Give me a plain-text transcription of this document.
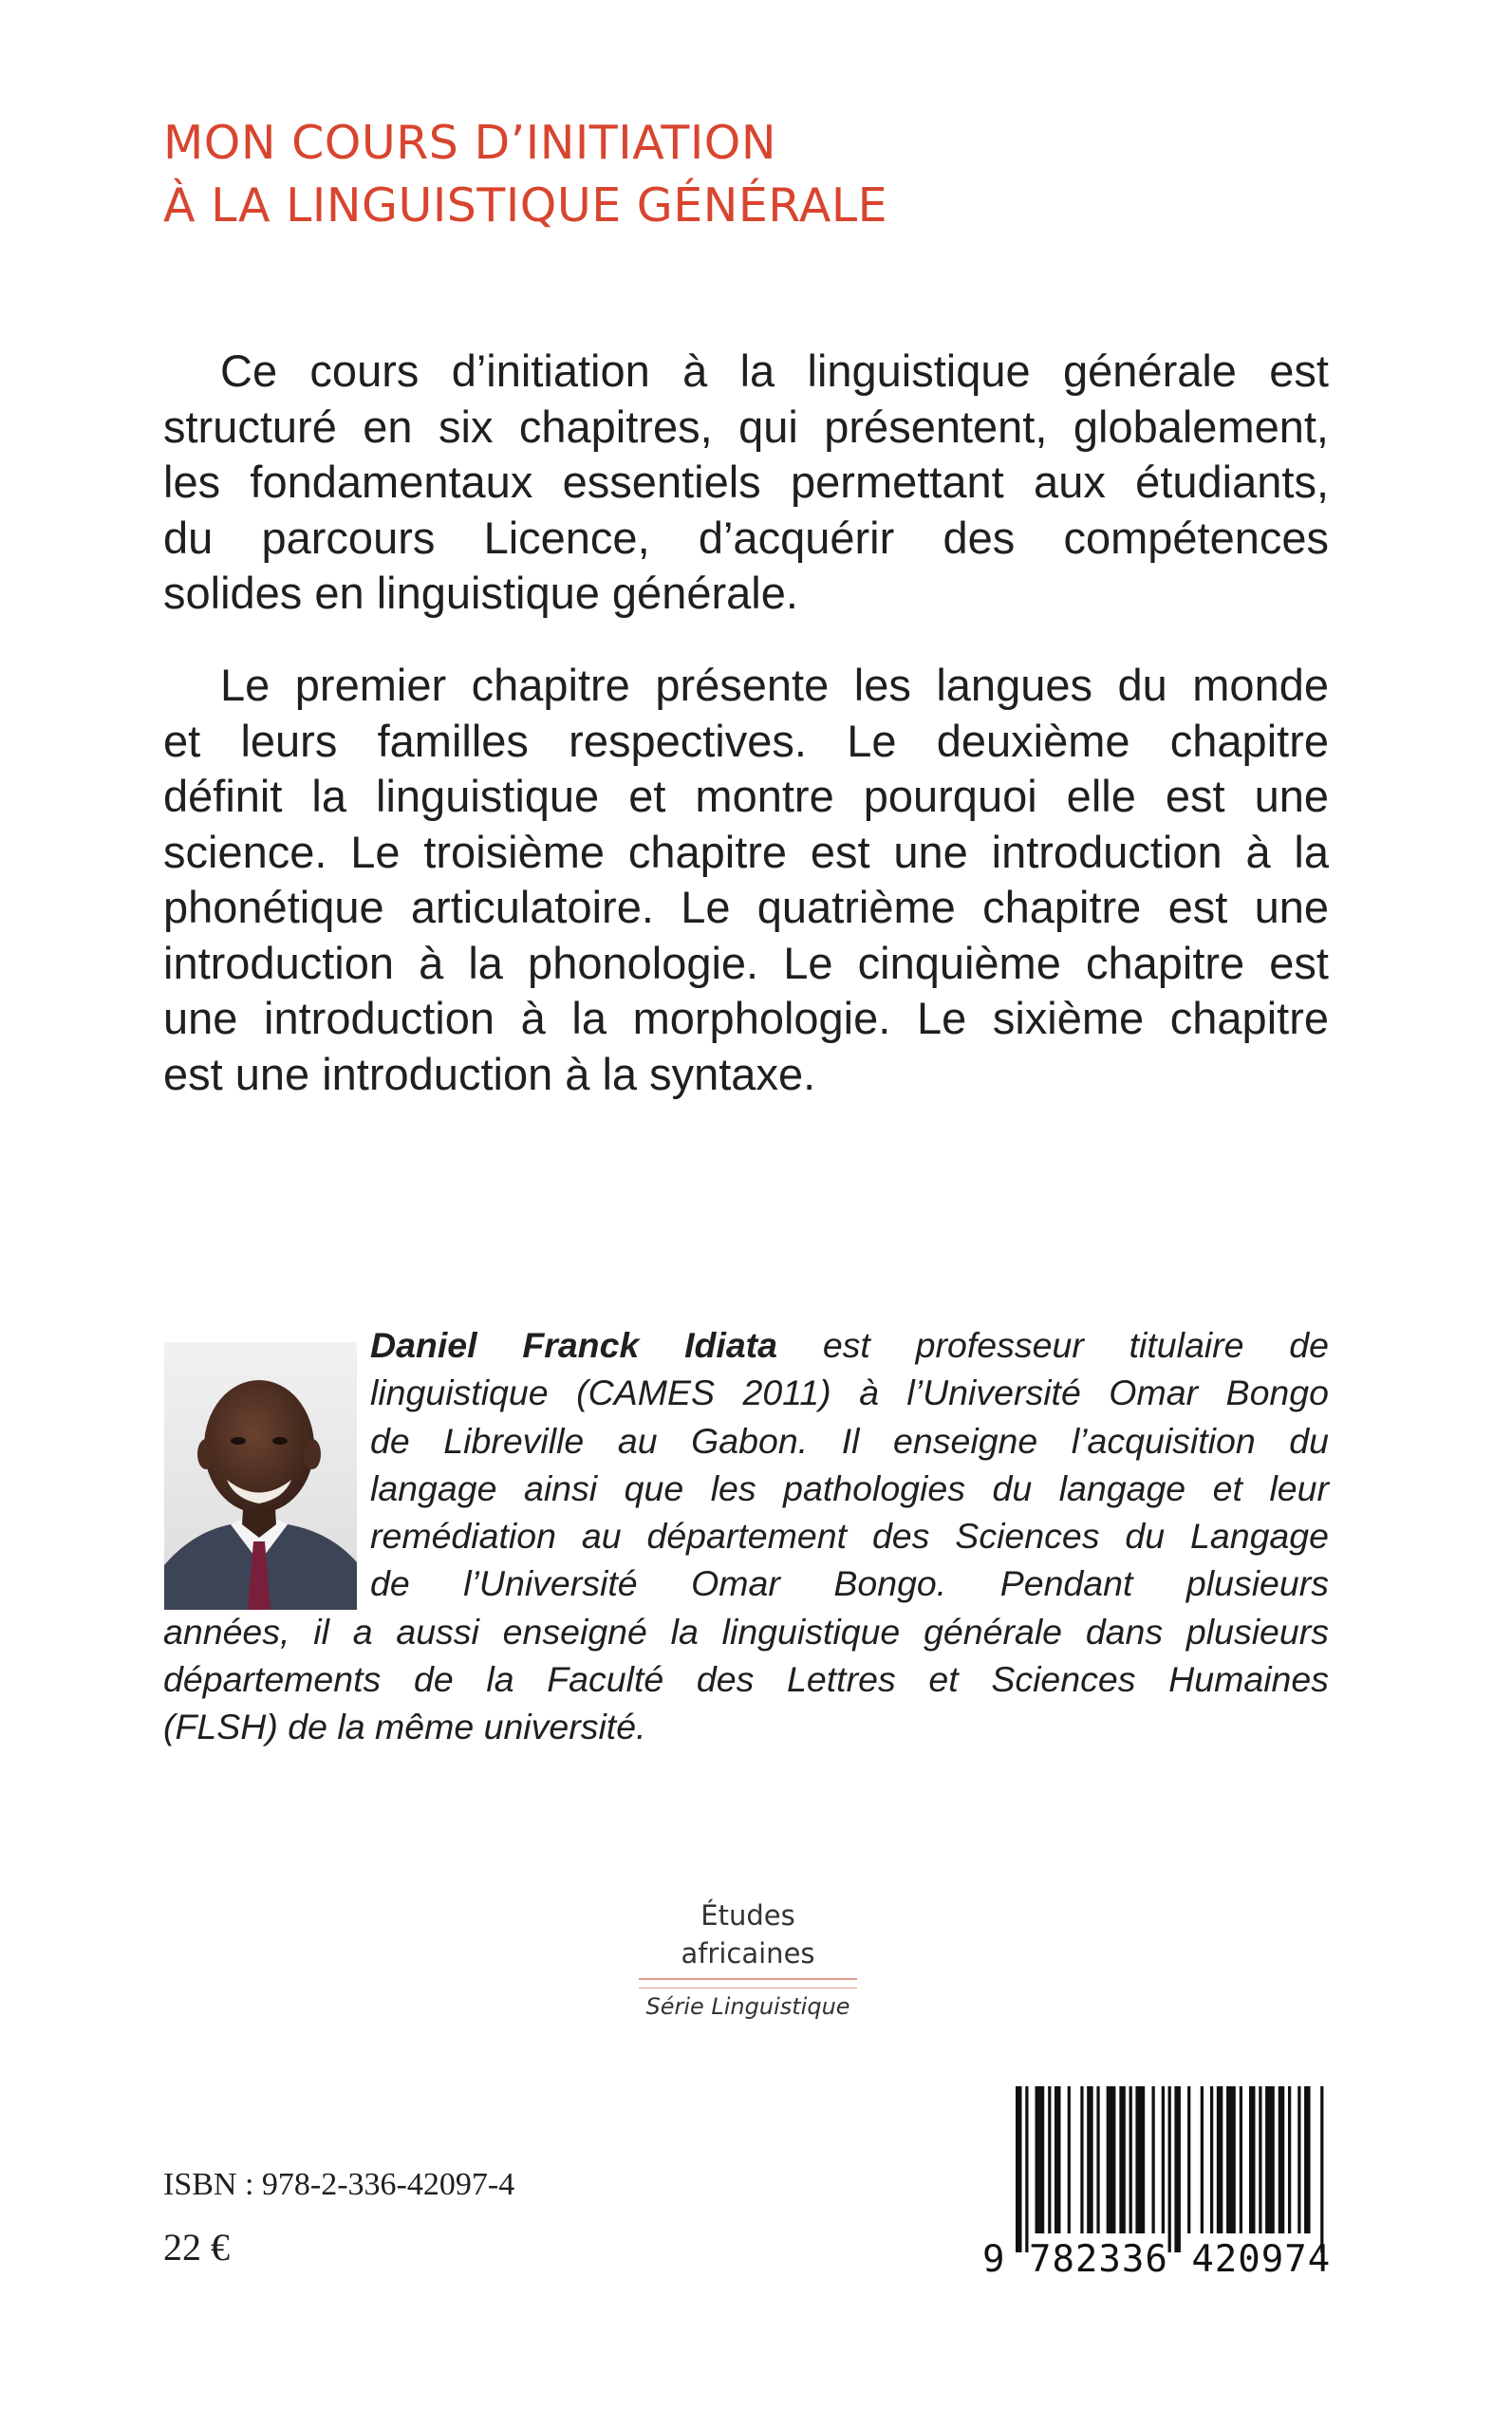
MON COURS D’INITIATION
À LA LINGUISTIQUE GÉNÉRALE
Ce cours d’initiation à la linguistique générale est
structuré en six chapitres, qui présentent, globalement,
les fondamentaux essentiels permettant aux étudiants,
du parcours Licence, d’acquérir des compétences
solides en linguistique générale.
Le premier chapitre présente les langues du monde
et leurs familles respectives. Le deuxième chapitre
définit la linguistique et montre pourquoi elle est une
science. Le troisième chapitre est une introduction à la
phonétique articulatoire. Le quatrième chapitre est une
introduction à la phonologie. Le cinquième chapitre est
une introduction à la morphologie. Le sixième chapitre
est une introduction à la syntaxe.
Daniel Franck Idiata est professeur titulaire de
linguistique (CAMES 2011) à l’Université Omar Bongo
de Libreville au Gabon. Il enseigne l’acquisition du
langage ainsi que les pathologies du langage et leur
remédiation au département des Sciences du Langage
de l’Université Omar Bongo. Pendant plusieurs
années, il a aussi enseigné la linguistique générale dans plusieurs
départements de la Faculté des Lettres et Sciences Humaines
(FLSH) de la même université.
Études africaines
Série Linguistique
ISBN : 978-2-336-42097-4
22 €	9 782336 420974
